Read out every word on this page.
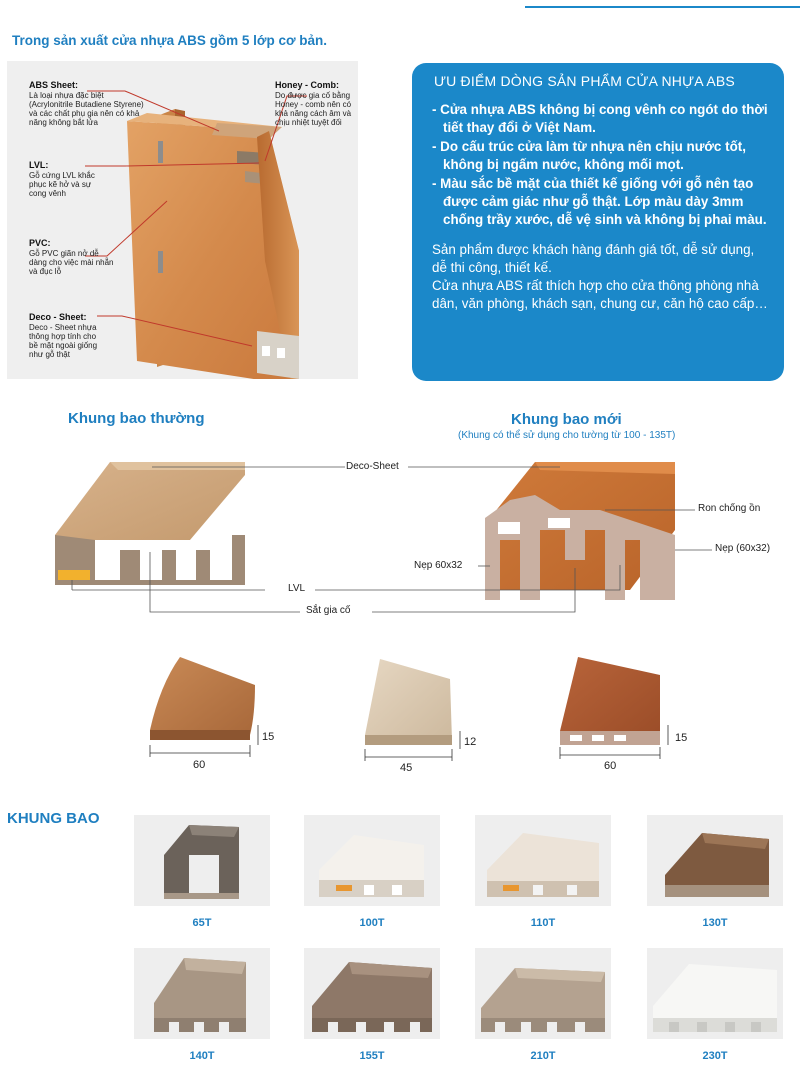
Trong sản xuất cửa nhựa ABS gồm 5 lớp cơ bản.
ABS Sheet:
Là loại nhựa đặc biệt (Acrylonitrile Butadiene Styrene) và các chất phụ gia nên có khả năng không bắt lửa
Honey - Comb:
Do được gia cố bằng Honey - comb nên có khả năng cách âm và chịu nhiệt tuyệt đối
LVL:
Gỗ cứng LVL khắc phục kẽ hở và sự cong vênh
PVC:
Gỗ PVC giãn nở dễ dàng cho việc mài nhẵn và đục lỗ
Deco - Sheet:
Deco - Sheet nhựa thông hợp tính cho bề mặt ngoài giống như gỗ thật
ƯU ĐIỂM DÒNG SẢN PHẨM CỬA NHỰA ABS
- Cửa nhựa ABS không bị cong vênh co ngót do thời tiết thay đổi ở Việt Nam.
- Do cấu trúc cửa làm từ nhựa nên chịu nước tốt, không bị ngấm nước, không mối mọt.
- Màu sắc bề mặt của thiết kế giống với gỗ nên tạo được cảm giác như gỗ thật. Lớp màu dày 3mm chống trầy xước, dễ vệ sinh và không bị phai màu.

Sản phẩm được khách hàng đánh giá tốt, dễ sử dụng, dễ thi công, thiết kế.

Cửa nhựa ABS rất thích hợp cho cửa thông phòng nhà dân, văn phòng, khách sạn, chung cư, căn hộ cao cấp…

Khung bao thường	Khung bao mới
(Khung có thể sử dụng cho tường từ 100 - 135T)
Deco-Sheet
Ron chống ồn
Nẹp (60x32)
Nẹp 60x32
LVL
Sắt gia cố
60
15
45
12
60
15
KHUNG BAO
65T	100T	110T	130T
140T	155T	210T	230T
